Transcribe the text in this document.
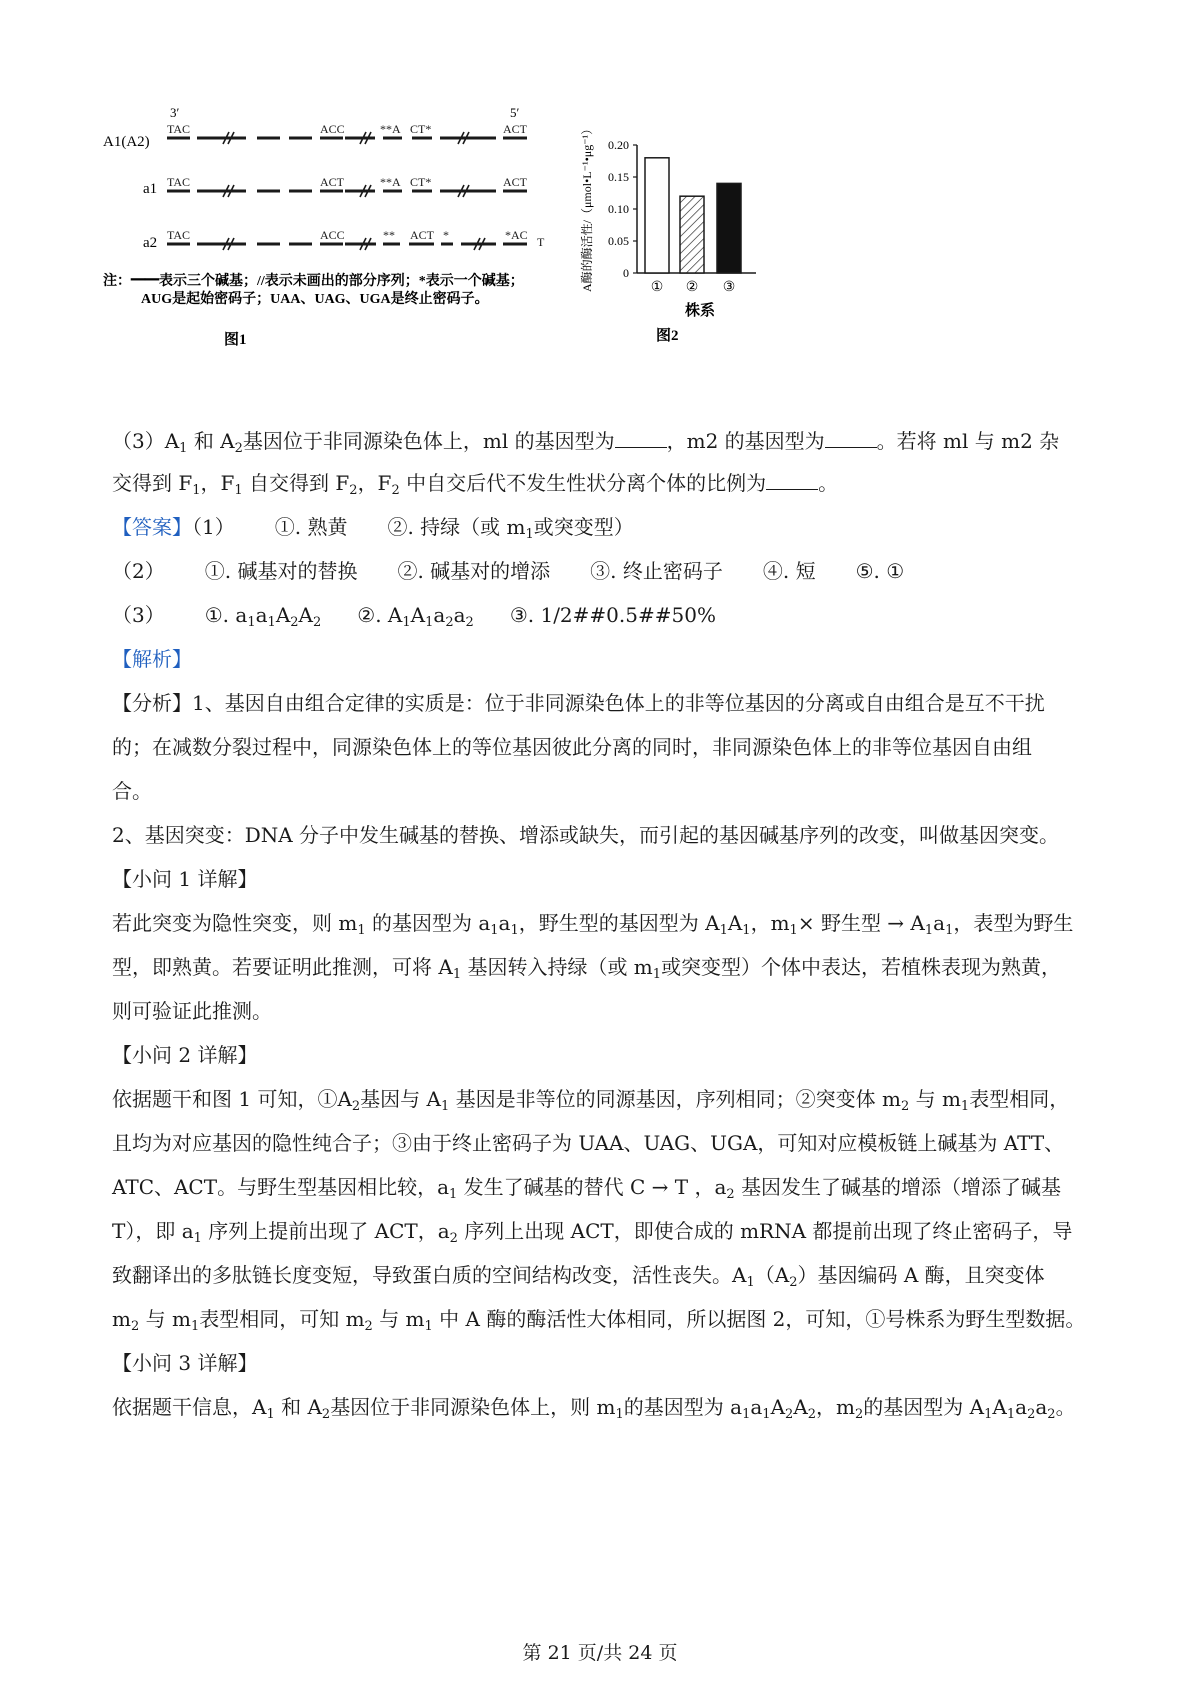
3′	5′
A1(A2)
a1
a2
TAC	ACC	**A CT*	ACT
TAC	ACT	**A CT*	ACT
TAC	ACC	** ACT *	*AC T
注：━━表示三个碱基；//表示未画出的部分序列；*表示一个碱基；
AUG是起始密码子；UAA、UAG、UGA是终止密码子。
图1
A酶的酶活性/（μmol•L⁻¹•μg⁻¹） 0
0.05
0.10
0.15
0.20
① ② ③
株系
图2
$(3)A_1$ 和 $A_2$基因位于非同源染色体上，ml 的基因型为	，m2 的基因型为	。若将 ml 与 m2 杂
交得到 $F_1$，$F_1$ 自交得到 $F_2$，$F_2$ 中自交后代不发生性状分离个体的比例为	。
【答案】（1） ①. 熟黄 ②. 持绿（或 $m_1$或突变型）
（2） ①. 碱基对的替换 ②. 碱基对的增添 ③. 终止密码子 ④. 短 ⑤. ①
（3） ①. $a_1a_1A_2A_2$ ②. $A_1A_1a_2a_2$ ③. 1/2##0.5##50%
【解析】
【分析】1、基因自由组合定律的实质是：位于非同源染色体上的非等位基因的分离或自由组合是互不干扰
的；在减数分裂过程中，同源染色体上的等位基因彼此分离的同时，非同源染色体上的非等位基因自由组
合。
2、基因突变：DNA 分子中发生碱基的替换、增添或缺失，而引起的基因碱基序列的改变，叫做基因突变。
【小问 1 详解】
若此突变为隐性突变，则 $m_1$ 的基因型为 $a_1a_1$，野生型的基因型为 $A_1A_1$，$m_1\times$ 野生型 → $A_1a_1$，表型为野生
型，即熟黄。若要证明此推测，可将 $A_1$ 基因转入持绿（或 $m_1$或突变型）个体中表达，若植株表现为熟黄，
则可验证此推测。
【小问 2 详解】
依据题干和图 1 可知，$①A_2$基因与 $A_1$ 基因是非等位的同源基因，序列相同；②突变体 $m_2$ 与 $m_1$表型相同，
且均为对应基因的隐性纯合子；③由于终止密码子为 UAA、UAG、UGA，可知对应模板链上碱基为 ATT、
ATC、ACT。与野生型基因相比较，$a_1$ 发生了碱基的替代 C → T ，$a_2$ 基因发生了碱基的增添（增添了碱基
T），即 $a_1$ 序列上提前出现了 ACT，$a_2$ 序列上出现 ACT，即使合成的 mRNA 都提前出现了终止密码子，导
致翻译出的多肽链长度变短，导致蛋白质的空间结构改变，活性丧失。$A_1(A_2)$基因编码 A 酶，且突变体
$m_2$ 与 $m_1$表型相同，可知 $m_2$ 与 $m_1$ 中 A 酶的酶活性大体相同，所以据图 2，可知，①号株系为野生型数据。
【小问 3 详解】
依据题干信息，$A_1$ 和 $A_2$基因位于非同源染色体上，则 $m_1$的基因型为 $a_1a_1A_2A_2$，$m_2$的基因型为 $A_1A_1a_2a_2$。
第 21 页/共 24 页
